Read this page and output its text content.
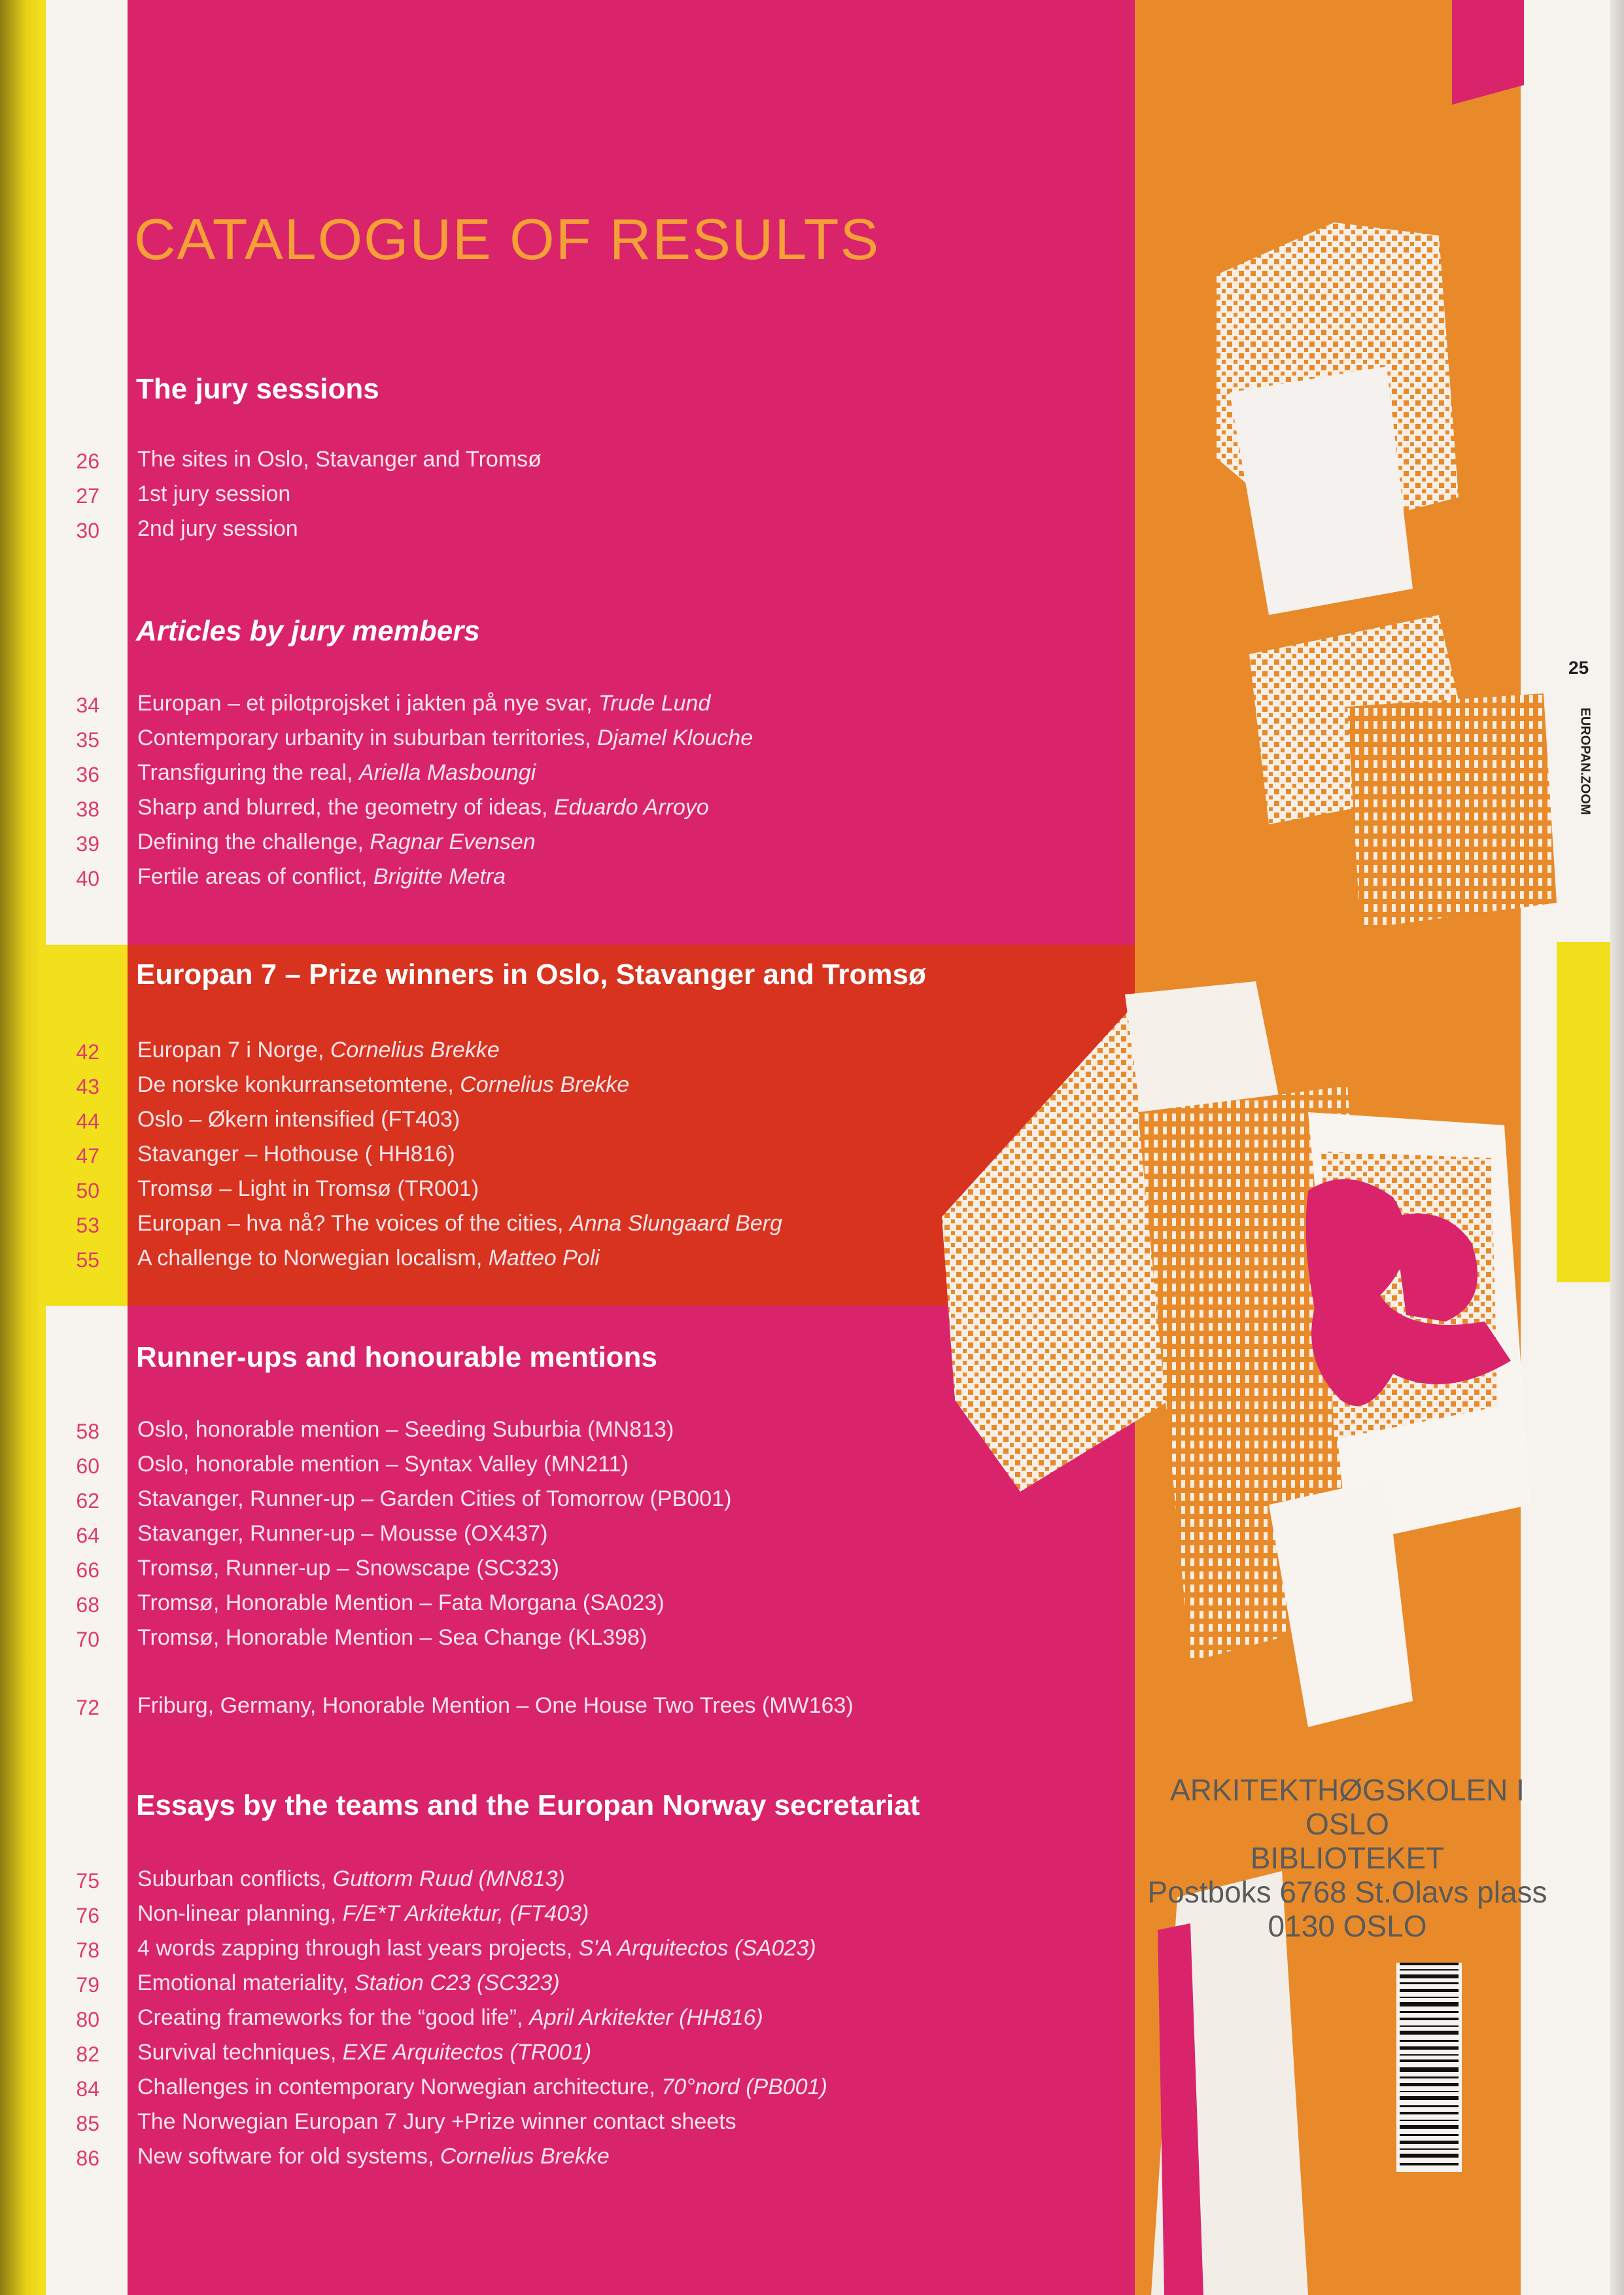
CATALOGUE OF RESULTS
The jury sessions
26 The sites in Oslo, Stavanger and Tromsø
27 1st jury session
30 2nd jury session
Articles by jury members
34 Europan – et pilotprojsket i jakten på nye svar, Trude Lund
35 Contemporary urbanity in suburban territories, Djamel Klouche
36 Transfiguring the real, Ariella Masboungi
38 Sharp and blurred, the geometry of ideas, Eduardo Arroyo
39 Defining the challenge, Ragnar Evensen
40 Fertile areas of conflict, Brigitte Metra
Europan 7 – Prize winners in Oslo, Stavanger and Tromsø
42 Europan 7 i Norge, Cornelius Brekke
43 De norske konkurransetomtene, Cornelius Brekke
44 Oslo – Økern intensified (FT403)
47 Stavanger – Hothouse ( HH816)
50 Tromsø – Light in Tromsø (TR001)
53 Europan – hva nå? The voices of the cities, Anna Slungaard Berg
55 A challenge to Norwegian localism, Matteo Poli
Runner-ups and honourable mentions
58 Oslo, honorable mention – Seeding Suburbia (MN813)
60 Oslo, honorable mention – Syntax Valley (MN211)
62 Stavanger, Runner-up – Garden Cities of Tomorrow (PB001)
64 Stavanger, Runner-up – Mousse (OX437)
66 Tromsø, Runner-up – Snowscape (SC323)
68 Tromsø, Honorable Mention – Fata Morgana (SA023)
70 Tromsø, Honorable Mention – Sea Change (KL398)
72 Friburg, Germany, Honorable Mention – One House Two Trees (MW163)
Essays by the teams and the Europan Norway secretariat
75 Suburban conflicts, Guttorm Ruud (MN813)
76 Non-linear planning, F/E*T Arkitektur, (FT403)
78 4 words zapping through last years projects, S'A Arquitectos (SA023)
79 Emotional materiality, Station C23 (SC323)
80 Creating frameworks for the “good life”, April Arkitekter (HH816)
82 Survival techniques, EXE Arquitectos (TR001)
84 Challenges in contemporary Norwegian architecture, 70°nord (PB001)
85 The Norwegian Europan 7 Jury +Prize winner contact sheets
86 New software for old systems, Cornelius Brekke
ARKITEKTHØGSKOLEN I OSLO
BIBLIOTEKET
Postboks 6768 St.Olavs plass
0130 OSLO
25
EUROPAN.ZOOM
